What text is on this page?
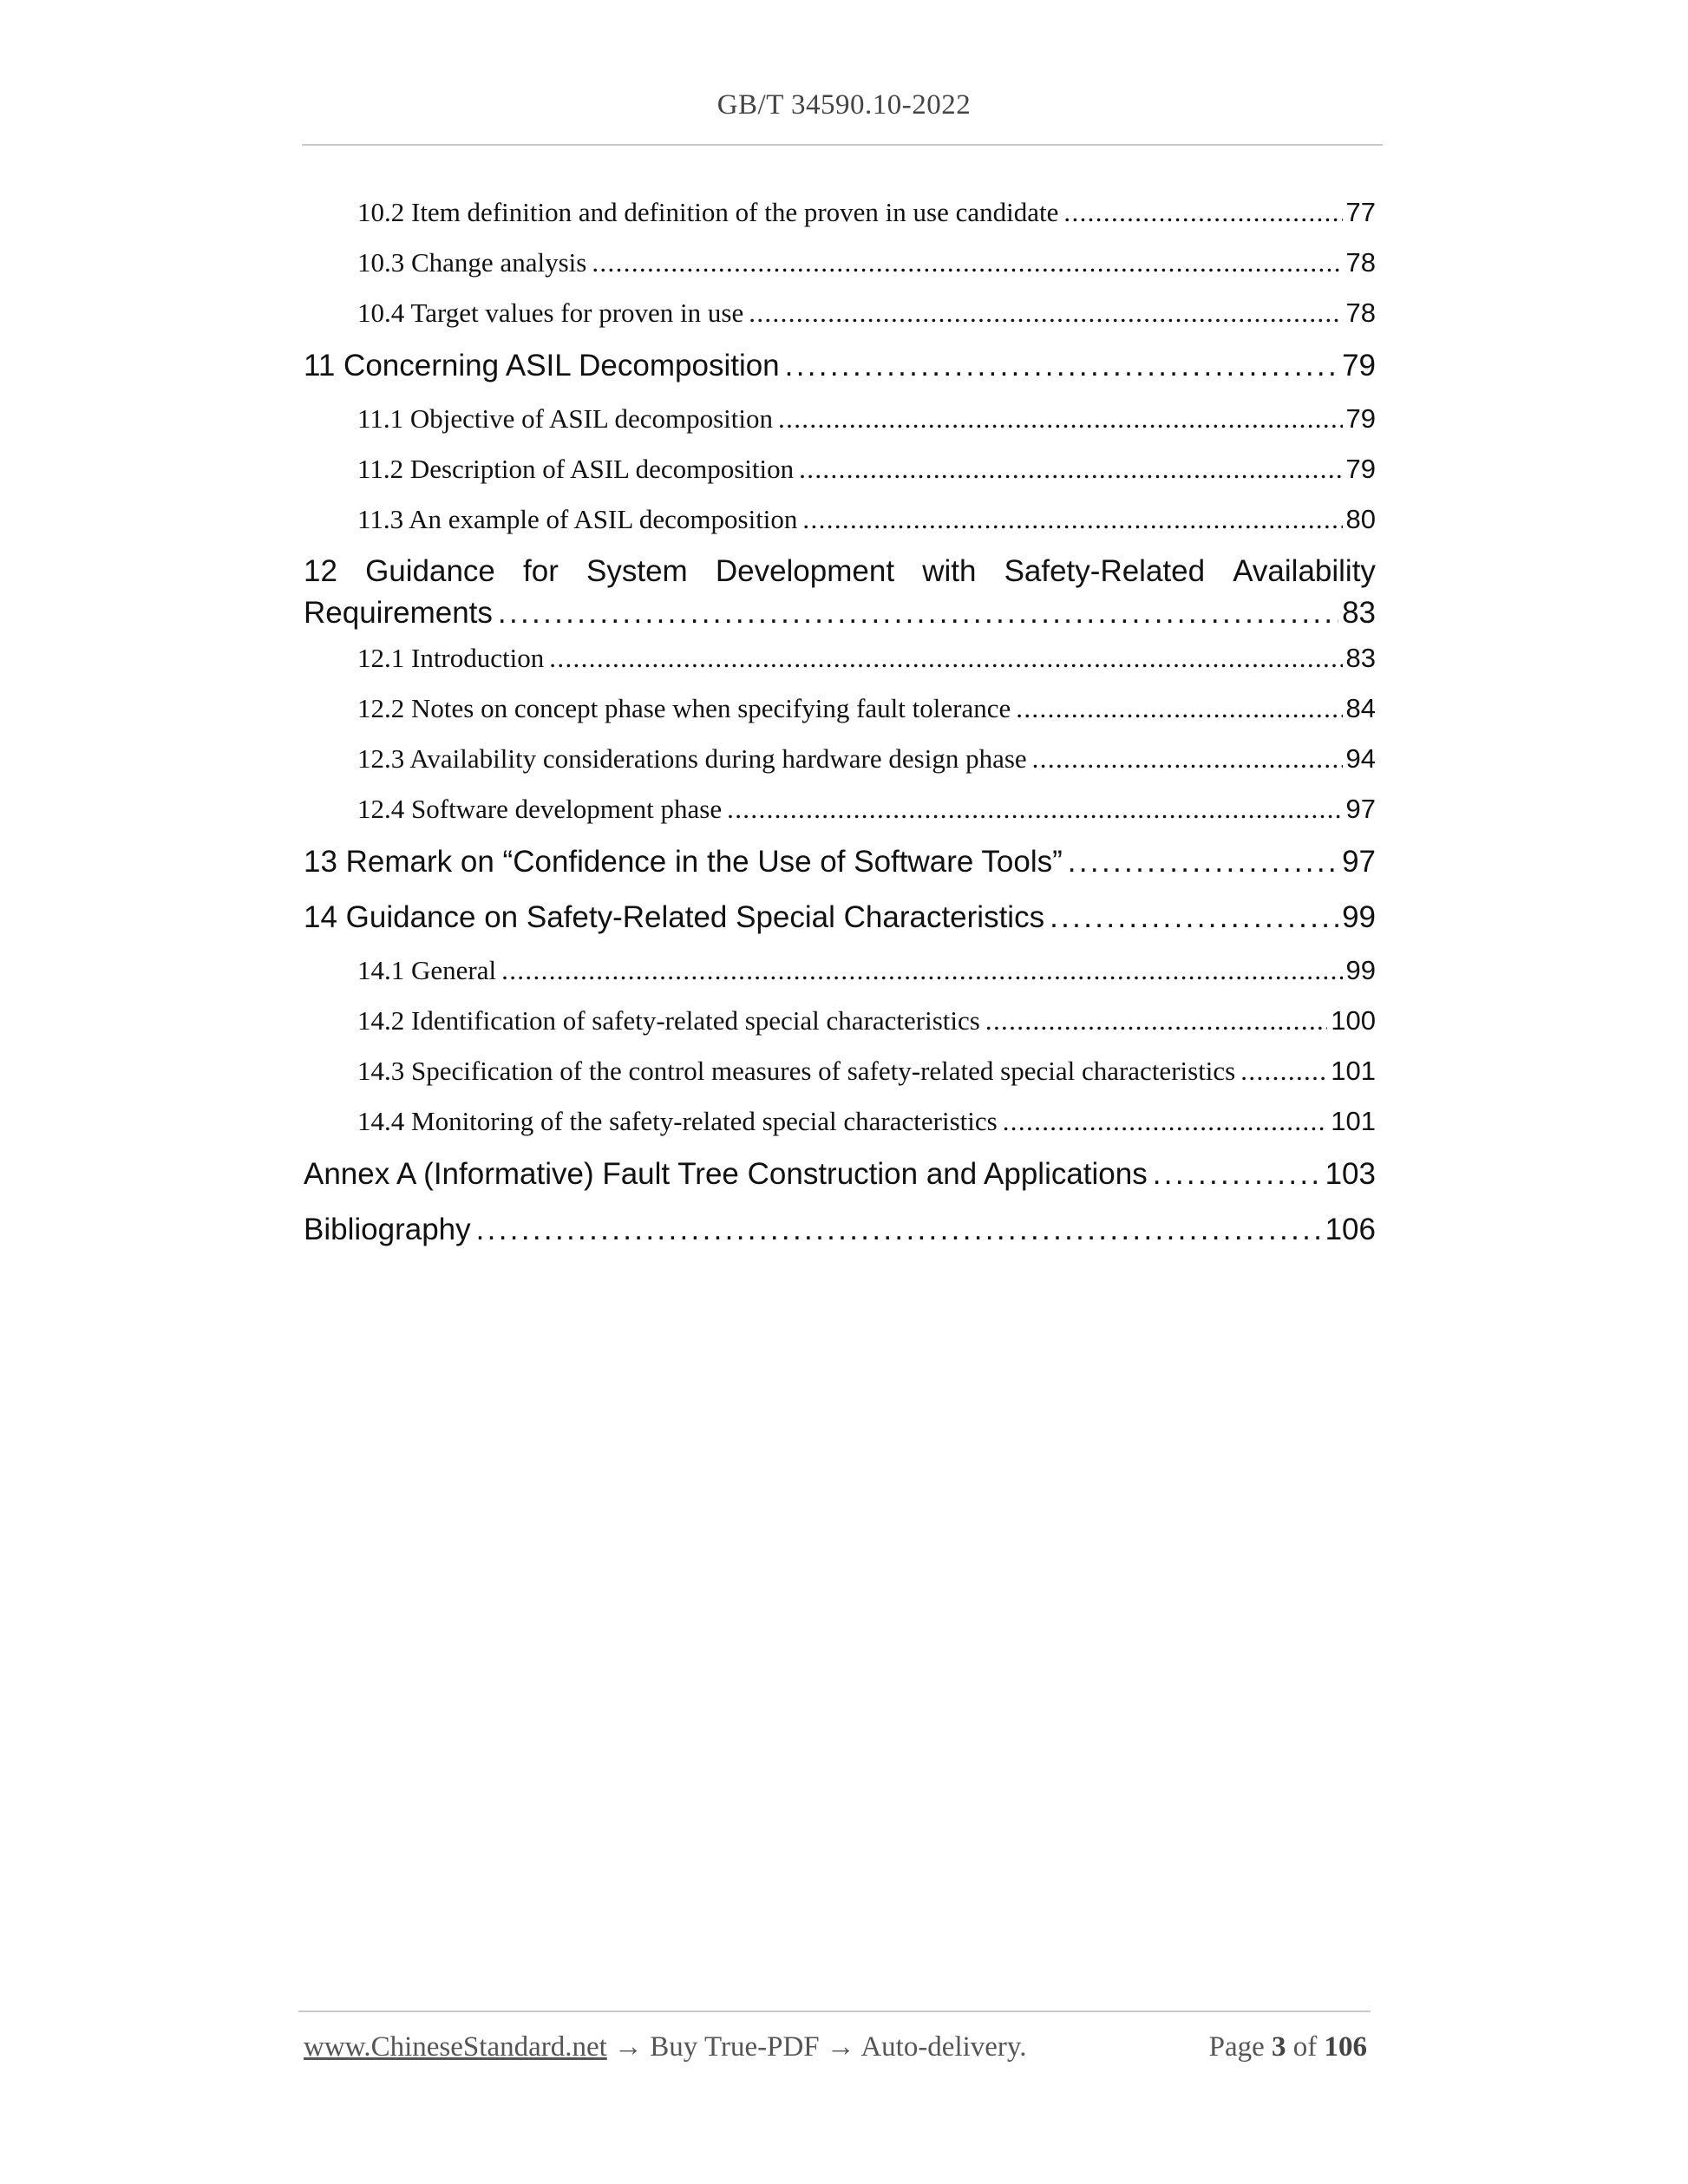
GB/T 34590.10-2022
10.2 Item definition and definition of the proven in use candidate . . .	77
10.3 Change analysis . . .	78
10.4 Target values for proven in use . . .	78
11 Concerning ASIL Decomposition . . .	79
11.1 Objective of ASIL decomposition . . .	79
11.2 Description of ASIL decomposition . . .	79
11.3 An example of ASIL decomposition . . .	80
12 Guidance for System Development with Safety-Related Availability
Requirements . . .	83
12.1 Introduction . . .	83
12.2 Notes on concept phase when specifying fault tolerance . . .	84
12.3 Availability considerations during hardware design phase . . .	94
12.4 Software development phase . . .	97
13 Remark on “Confidence in the Use of Software Tools” . . .	97
14 Guidance on Safety-Related Special Characteristics . . .	99
14.1 General . . .	99
14.2 Identification of safety-related special characteristics . . .	100
14.3 Specification of the control measures of safety-related special characteristics . . .	101
14.4 Monitoring of the safety-related special characteristics . . .	101
Annex A (Informative) Fault Tree Construction and Applications . . .	103
Bibliography . . .	106
www.ChineseStandard.net → Buy True-PDF → Auto-delivery.	Page 3 of 106
